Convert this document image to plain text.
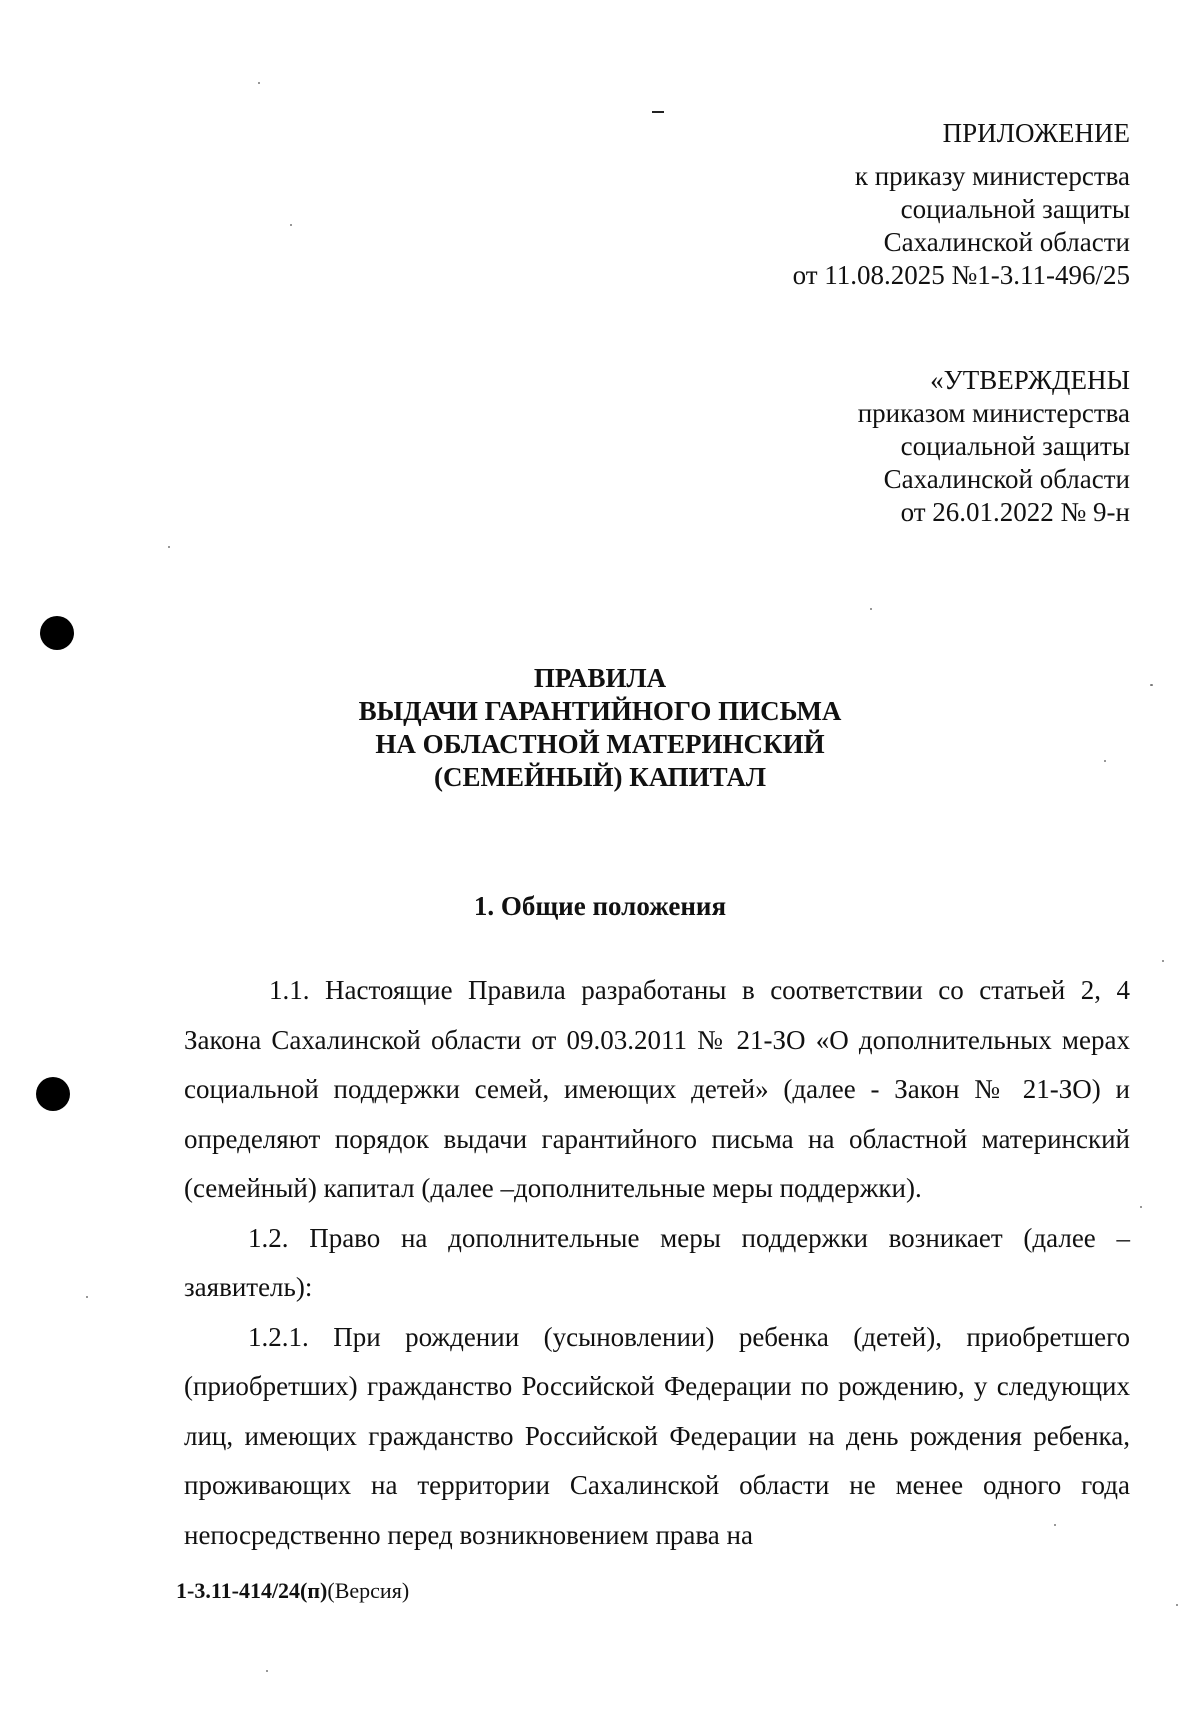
ПРИЛОЖЕНИЕ
к приказу министерства
социальной защиты
Сахалинской области
от 11.08.2025 №1-3.11-496/25
«УТВЕРЖДЕНЫ
приказом министерства
социальной защиты
Сахалинской области
от 26.01.2022 № 9-н
ПРАВИЛА
ВЫДАЧИ ГАРАНТИЙНОГО ПИСЬМА
НА ОБЛАСТНОЙ МАТЕРИНСКИЙ
(СЕМЕЙНЫЙ) КАПИТАЛ
1. Общие положения

1.1. Настоящие Правила разработаны в соответствии со статьей 2, 4 Закона Сахалинской области от 09.03.2011 № 21-ЗО «О дополнительных мерах социальной поддержки семей, имеющих детей» (далее - Закон № 21-ЗО) и определяют порядок выдачи гарантийного письма на областной материнский (семейный) капитал (далее –дополнительные меры поддержки).

1.2. Право на дополнительные меры поддержки возникает (далее – заявитель):

1.2.1. При рождении (усыновлении) ребенка (детей), приобретшего (приобретших) гражданство Российской Федерации по рождению, у следующих лиц, имеющих гражданство Российской Федерации на день рождения ребенка, проживающих на территории Сахалинской области не менее одного года непосредственно перед возникновением права на

1-3.11-414/24(п)(Версия)
